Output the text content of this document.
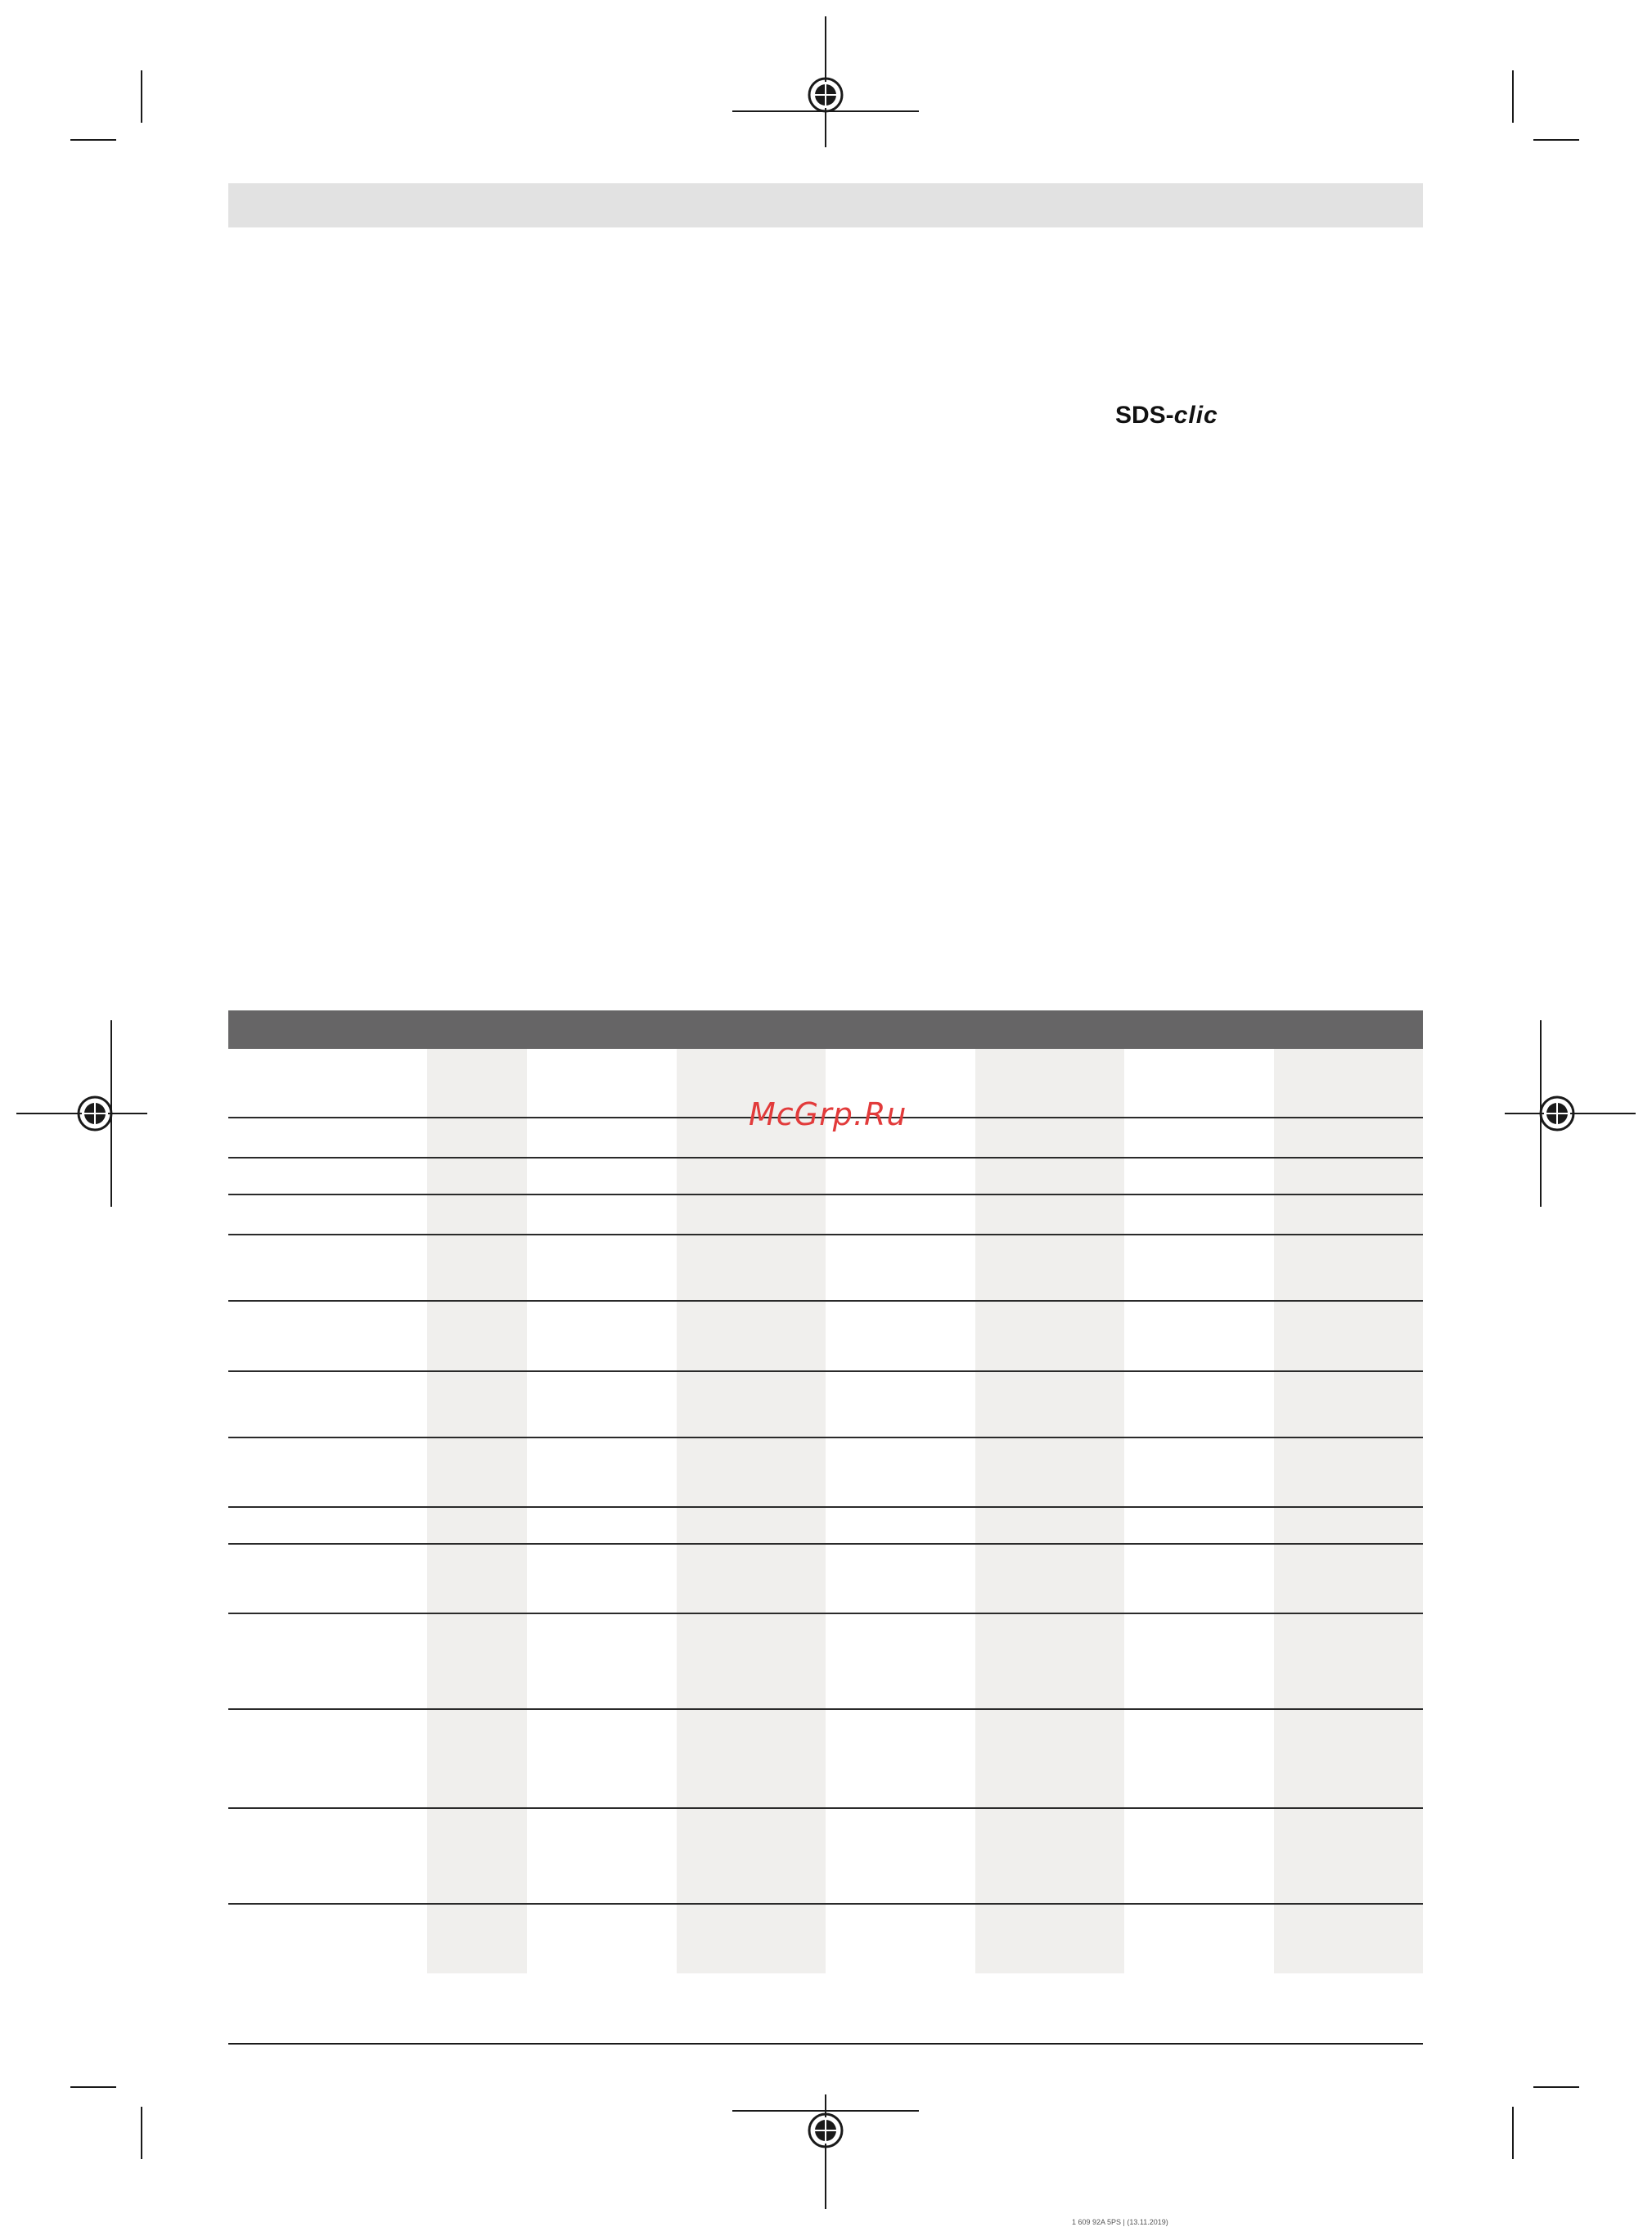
SDS-clic
McGrp.Ru
1 609 92A 5PS | (13.11.2019)
